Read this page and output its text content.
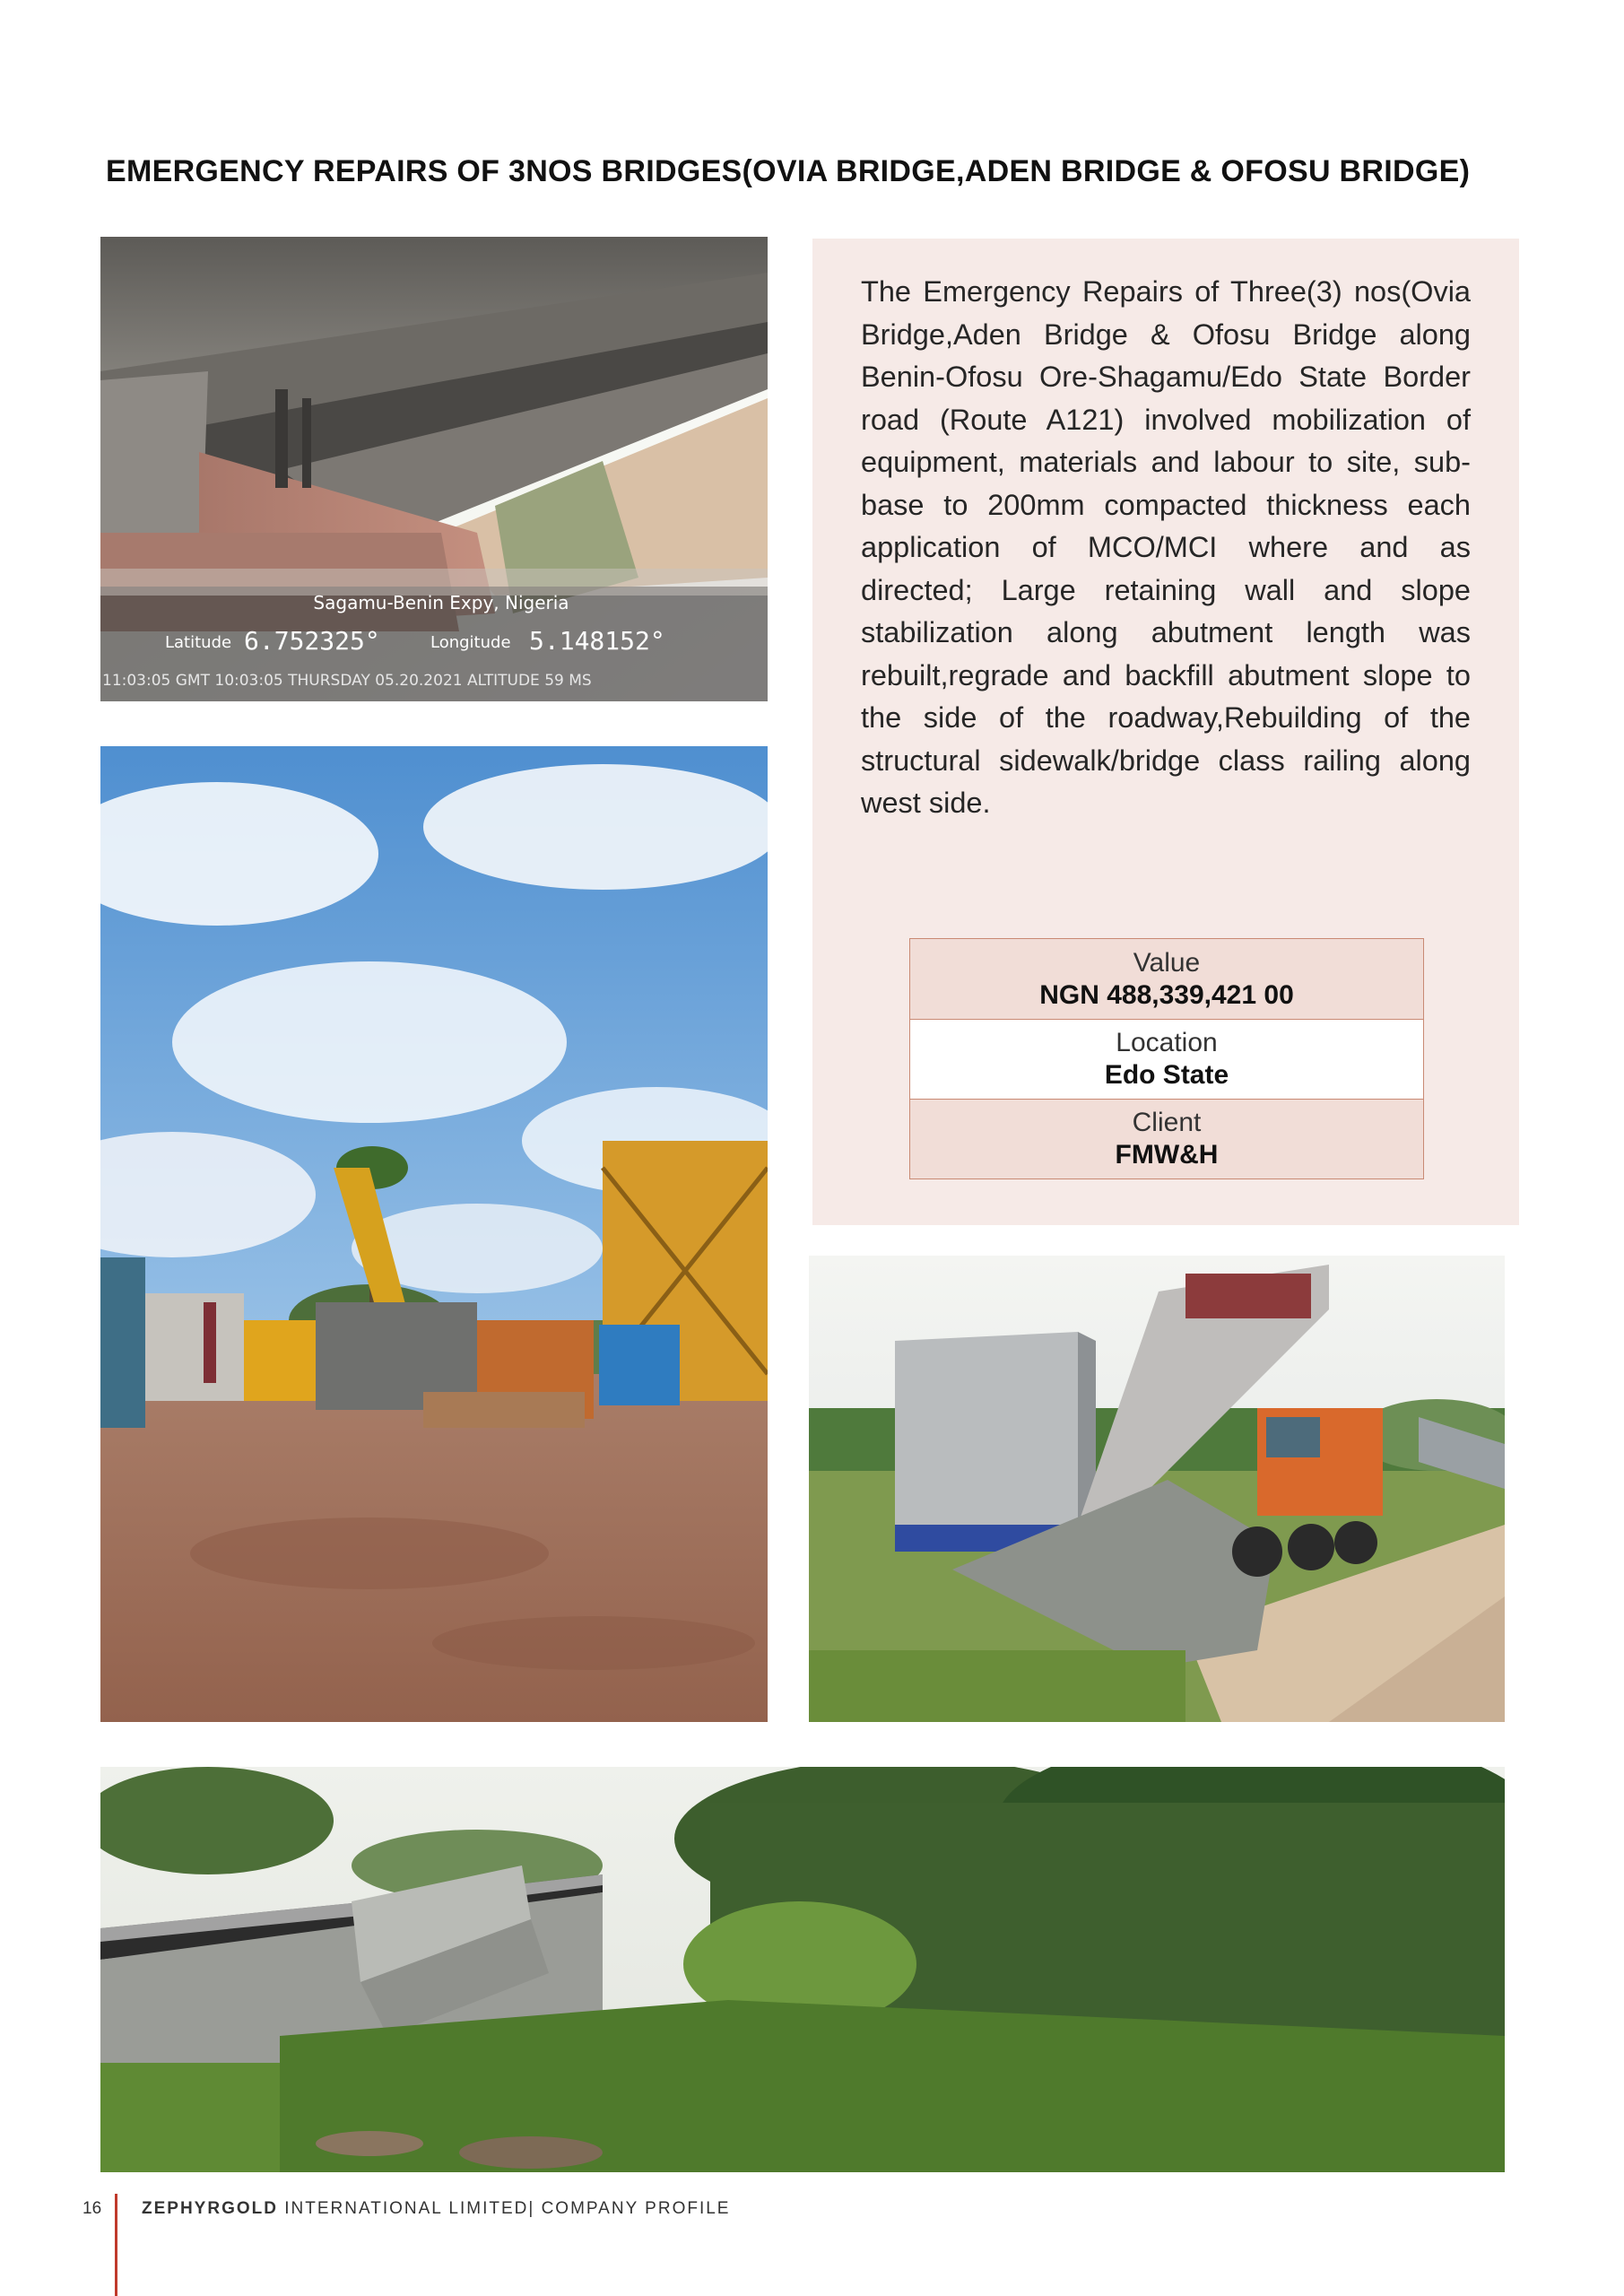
EMERGENCY REPAIRS OF 3NOS BRIDGES(OVIA BRIDGE,ADEN BRIDGE & OFOSU BRIDGE)
Sagamu-Benin Expy, Nigeria
Latitude 6.752325°	Longitude 5.148152°
11:03:05 GMT 10:03:05 THURSDAY 05.20.2021 ALTITUDE 59 MS
The Emergency Repairs of Three(3) nos(Ovia Bridge,Aden Bridge & Ofosu Bridge along Benin-Ofosu Ore-Shagamu/Edo State Border road (Route A121) involved mobilization of equipment, materials and labour to site, sub-base to 200mm compacted thickness each application of MCO/MCI where and as directed; Large retaining wall and slope stabilization along abutment length was rebuilt,regrade and backfill abutment slope to the side of the roadway,Rebuilding of the structural sidewalk/bridge class railing along west side.
Value
NGN 488,339,421 00
Location
Edo State
Client
FMW&H
16 ZEPHYRGOLD INTERNATIONAL LIMITED| COMPANY PROFILE
